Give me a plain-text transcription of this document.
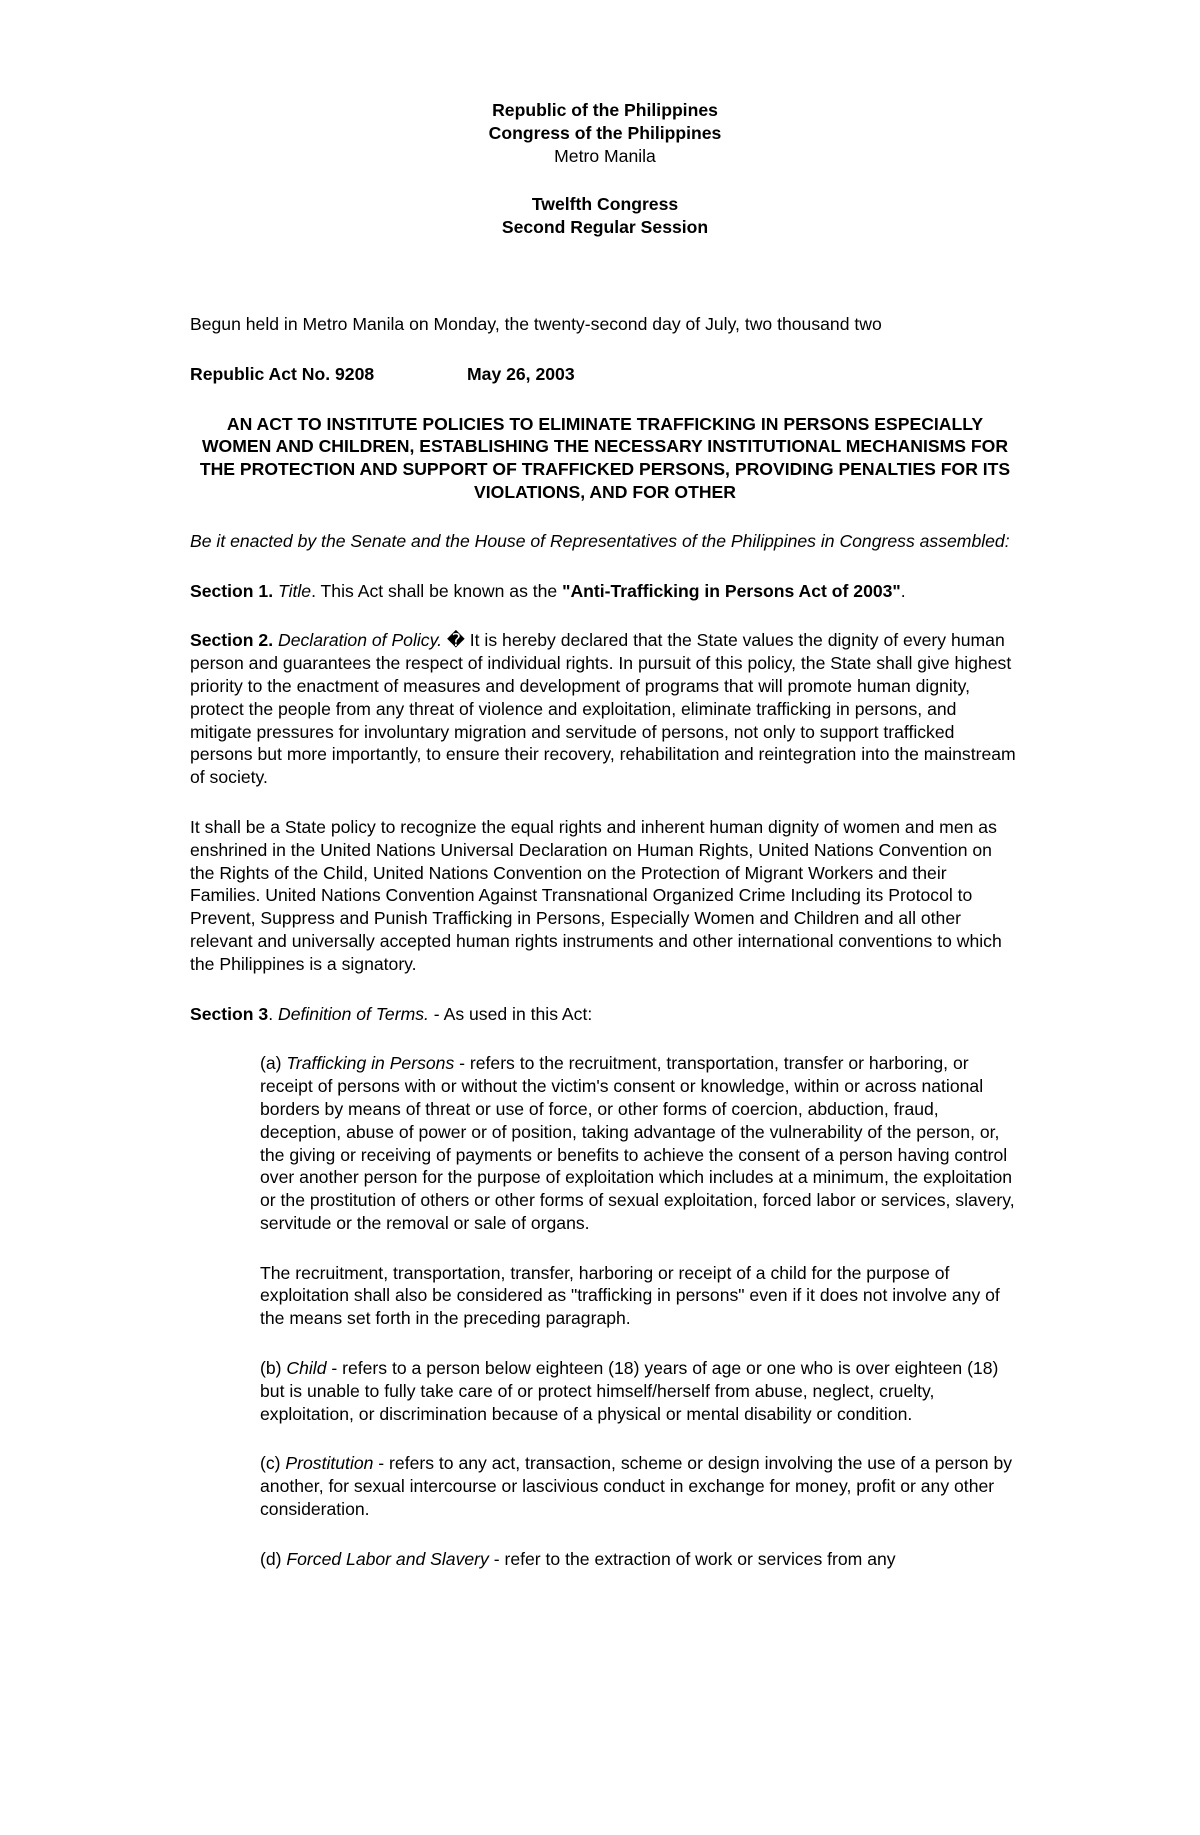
Republic of the Philippines

Congress of the Philippines

Metro Manila

Twelfth Congress

Second Regular Session

Begun held in Metro Manila on Monday, the twenty-second day of July, two thousand two

Republic Act No. 9208	May 26, 2003

AN ACT TO INSTITUTE POLICIES TO ELIMINATE TRAFFICKING IN PERSONS ESPECIALLY WOMEN AND CHILDREN, ESTABLISHING THE NECESSARY INSTITUTIONAL MECHANISMS FOR THE PROTECTION AND SUPPORT OF TRAFFICKED PERSONS, PROVIDING PENALTIES FOR ITS VIOLATIONS, AND FOR OTHER

Be it enacted by the Senate and the House of Representatives of the Philippines in Congress assembled:

Section 1. Title. This Act shall be known as the "Anti-Trafficking in Persons Act of 2003".

Section 2. Declaration of Policy. � It is hereby declared that the State values the dignity of every human person and guarantees the respect of individual rights. In pursuit of this policy, the State shall give highest priority to the enactment of measures and development of programs that will promote human dignity, protect the people from any threat of violence and exploitation, eliminate trafficking in persons, and mitigate pressures for involuntary migration and servitude of persons, not only to support trafficked persons but more importantly, to ensure their recovery, rehabilitation and reintegration into the mainstream of society.

It shall be a State policy to recognize the equal rights and inherent human dignity of women and men as enshrined in the United Nations Universal Declaration on Human Rights, United Nations Convention on the Rights of the Child, United Nations Convention on the Protection of Migrant Workers and their Families. United Nations Convention Against Transnational Organized Crime Including its Protocol to Prevent, Suppress and Punish Trafficking in Persons, Especially Women and Children and all other relevant and universally accepted human rights instruments and other international conventions to which the Philippines is a signatory.

Section 3. Definition of Terms. - As used in this Act:

(a) Trafficking in Persons - refers to the recruitment, transportation, transfer or harboring, or receipt of persons with or without the victim's consent or knowledge, within or across national borders by means of threat or use of force, or other forms of coercion, abduction, fraud, deception, abuse of power or of position, taking advantage of the vulnerability of the person, or, the giving or receiving of payments or benefits to achieve the consent of a person having control over another person for the purpose of exploitation which includes at a minimum, the exploitation or the prostitution of others or other forms of sexual exploitation, forced labor or services, slavery, servitude or the removal or sale of organs.

The recruitment, transportation, transfer, harboring or receipt of a child for the purpose of exploitation shall also be considered as "trafficking in persons" even if it does not involve any of the means set forth in the preceding paragraph.

(b) Child - refers to a person below eighteen (18) years of age or one who is over eighteen (18) but is unable to fully take care of or protect himself/herself from abuse, neglect, cruelty, exploitation, or discrimination because of a physical or mental disability or condition.

(c) Prostitution - refers to any act, transaction, scheme or design involving the use of a person by another, for sexual intercourse or lascivious conduct in exchange for money, profit or any other consideration.

(d) Forced Labor and Slavery - refer to the extraction of work or services from any
